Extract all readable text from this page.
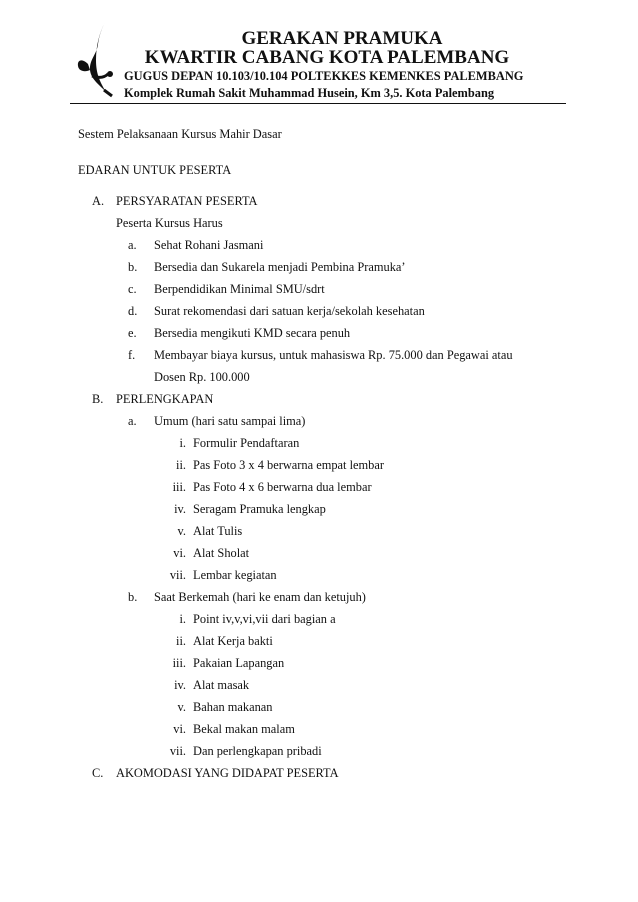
GERAKAN PRAMUKA
KWARTIR CABANG KOTA PALEMBANG
GUGUS DEPAN 10.103/10.104 POLTEKKES KEMENKES PALEMBANG
Komplek Rumah Sakit Muhammad Husein, Km 3,5. Kota Palembang
Sestem Pelaksanaan Kursus Mahir Dasar
EDARAN UNTUK PESERTA
A. PERSYARATAN PESERTA
Peserta Kursus Harus
a.	Sehat Rohani Jasmani
b.	Bersedia dan Sukarela menjadi Pembina Pramuka’
c.	Berpendidikan Minimal SMU/sdrt
d.	Surat rekomendasi dari satuan kerja/sekolah kesehatan
e.	Bersedia mengikuti KMD secara penuh
f.	Membayar biaya kursus, untuk mahasiswa Rp. 75.000 dan Pegawai atau
Dosen Rp. 100.000
B.	PERLENGKAPAN
a.	Umum (hari satu sampai lima)
i. Formulir Pendaftaran
ii. Pas Foto 3 x 4 berwarna empat lembar
iii. Pas Foto 4 x 6 berwarna dua lembar
iv. Seragam Pramuka lengkap
v. Alat Tulis
vi. Alat Sholat
vii. Lembar kegiatan
b.	Saat Berkemah (hari ke enam dan ketujuh)
i. Point iv,v,vi,vii dari bagian a
ii. Alat Kerja bakti
iii. Pakaian Lapangan
iv. Alat masak
v. Bahan makanan
vi. Bekal makan malam
vii. Dan perlengkapan pribadi
C.	AKOMODASI YANG DIDAPAT PESERTA
